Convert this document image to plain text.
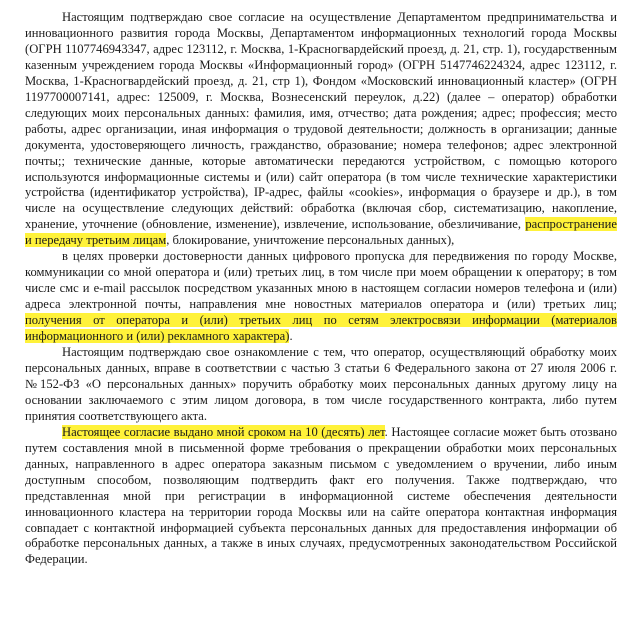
Настоящим подтверждаю свое согласие на осуществление Департаментом предпринимательства и инновационного развития города Москвы, Департаментом информационных технологий города Москвы (ОГРН 1107746943347, адрес 123112, г. Москва, 1-Красногвардейский проезд, д. 21, стр. 1), государственным казенным учреждением города Москвы «Информационный город» (ОГРН 5147746224324, адрес 123112, г. Москва, 1-Красногвардейский проезд, д. 21, стр 1), Фондом «Московский инновационный кластер» (ОГРН 1197700007141, адрес: 125009, г. Москва, Вознесенский переулок, д.22) (далее – оператор) обработки следующих моих персональных данных: фамилия, имя, отчество; дата рождения; адрес; профессия; место работы, адрес организации, иная информация о трудовой деятельности; должность в организации; данные документа, удостоверяющего личность, гражданство, образование; номера телефонов; адрес электронной почты;; технические данные, которые автоматически передаются устройством, с помощью которого используются информационные системы и (или) сайт оператора (в том числе технические характеристики устройства (идентификатор устройства), IP-адрес, файлы «cookies», информация о браузере и др.), в том числе на осуществление следующих действий: обработка (включая сбор, систематизацию, накопление, хранение, уточнение (обновление, изменение), извлечение, использование, обезличивание, распространение и передачу третьим лицам, блокирование, уничтожение персональных данных),

в целях проверки достоверности данных цифрового пропуска для передвижения по городу Москве, коммуникации со мной оператора и (или) третьих лиц, в том числе при моем обращении к оператору; в том числе смс и e-mail рассылок посредством указанных мною в настоящем согласии номеров телефона и (или) адреса электронной почты, направления мне новостных материалов оператора и (или) третьих лиц; получения от оператора и (или) третьих лиц по сетям электросвязи информации (материалов информационного и (или) рекламного характера).

Настоящим подтверждаю свое ознакомление с тем, что оператор, осуществляющий обработку моих персональных данных, вправе в соответствии с частью 3 статьи 6 Федерального закона от 27 июля 2006 г. №152-ФЗ «О персональных данных» поручить обработку моих персональных данных другому лицу на основании заключаемого с этим лицом договора, в том числе государственного контракта, либо путем принятия соответствующего акта.

Настоящее согласие выдано мной сроком на 10 (десять) лет. Настоящее согласие может быть отозвано путем составления мной в письменной форме требования о прекращении обработки моих персональных данных, направленного в адрес оператора заказным письмом с уведомлением о вручении, либо иным доступным способом, позволяющим подтвердить факт его получения. Также подтверждаю, что представленная мной при регистрации в информационной системе обеспечения деятельности инновационного кластера на территории города Москвы или на сайте оператора контактная информация совпадает с контактной информацией субъекта персональных данных для предоставления информации об обработке персональных данных, а также в иных случаях, предусмотренных законодательством Российской Федерации.
